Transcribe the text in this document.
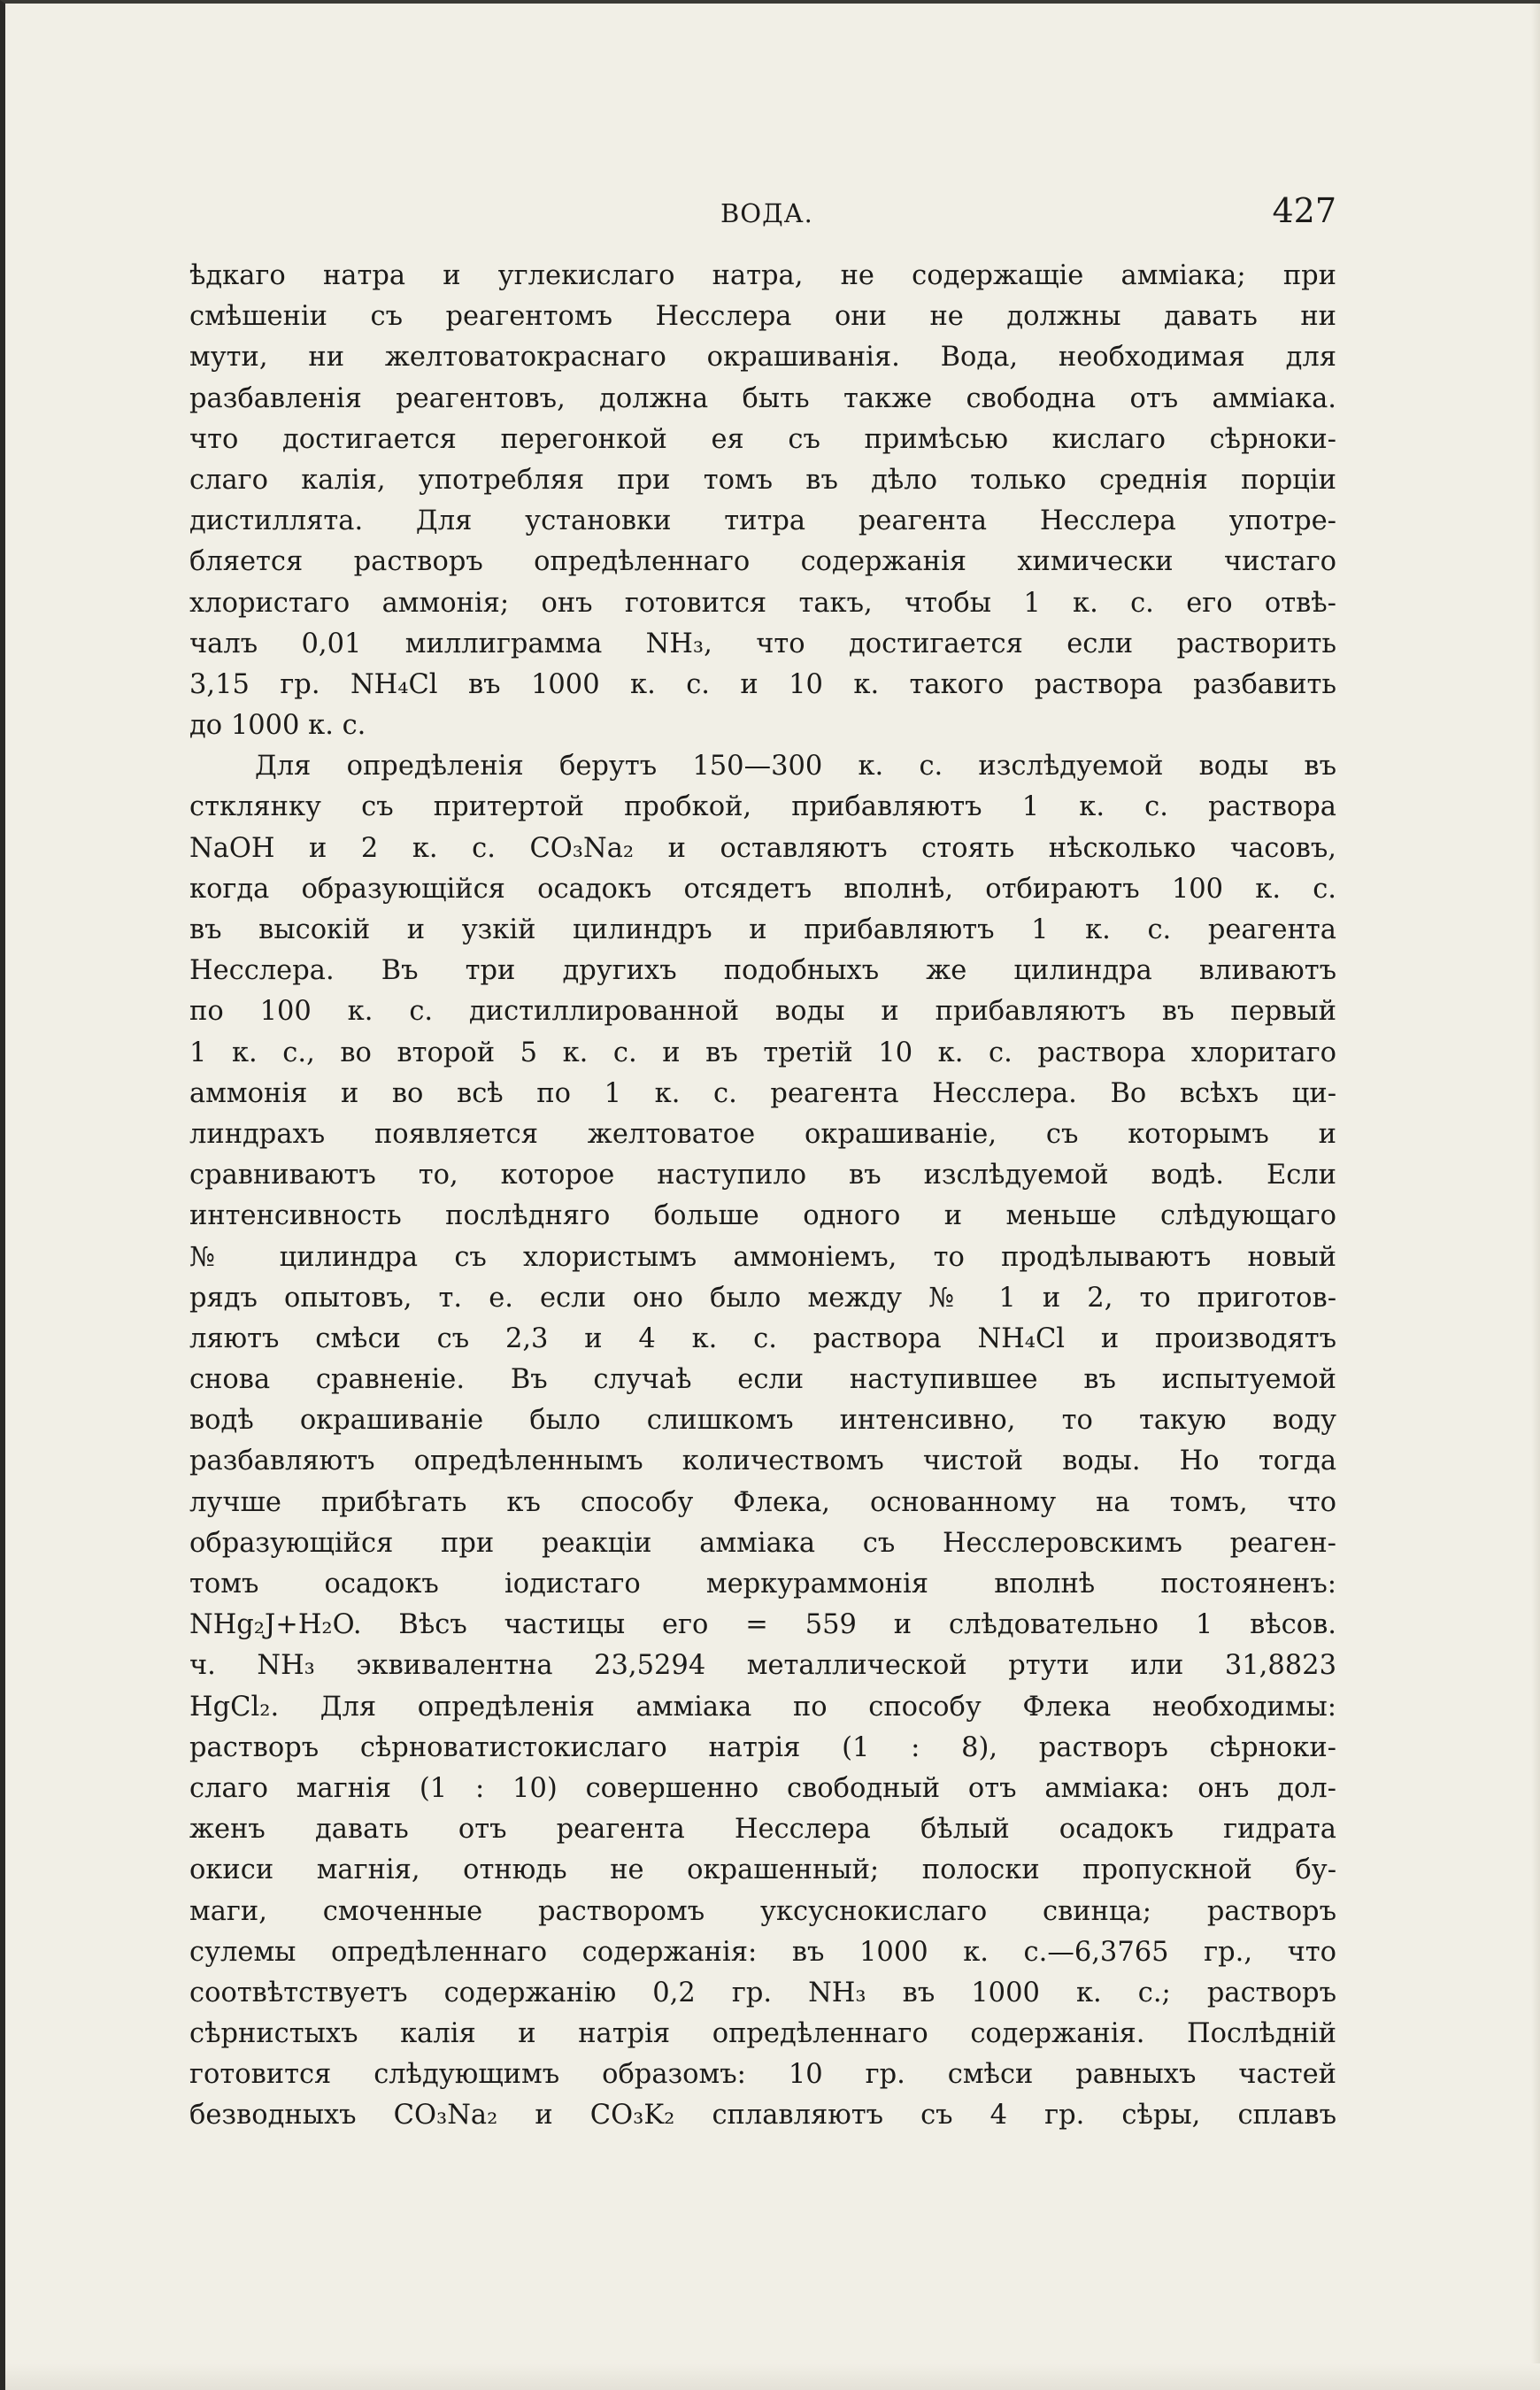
ВОДА.	427
ѣдкаго натра и углекислаго натра, не содержащіе амміака; при
смѣшеніи съ реагентомъ Несслера они не должны давать ни
мути, ни желтоватокраснаго окрашиванія. Вода, необходимая для
разбавленія реагентовъ, должна быть также свободна отъ амміака.
что достигается перегонкой ея съ примѣсью кислаго сѣрноки-
слаго калія, употребляя при томъ въ дѣло только среднія порціи
дистиллята. Для установки титра реагента Несслера употре-
бляется растворъ опредѣленнаго содержанія химически чистаго
хлористаго аммонія; онъ готовится такъ, чтобы 1 к. с. его отвѣ-
чалъ 0,01 миллиграмма NH₃, что достигается если растворить
3,15 гр. NH₄Cl въ 1000 к. с. и 10 к. такого раствора разбавить
до 1000 к. с.
Для опредѣленія берутъ 150—300 к. с. изслѣдуемой воды въ
стклянку съ притертой пробкой, прибавляютъ 1 к. с. раствора
NaOH и 2 к. с. CO₃Na₂ и оставляютъ стоять нѣсколько часовъ,
когда образующійся осадокъ отсядетъ вполнѣ, отбираютъ 100 к. с.
въ высокій и узкій цилиндръ и прибавляютъ 1 к. с. реагента
Несслера. Въ три другихъ подобныхъ же цилиндра вливаютъ
по 100 к. с. дистиллированной воды и прибавляютъ въ первый
1 к. с., во второй 5 к. с. и въ третій 10 к. с. раствора хлоритаго
аммонія и во всѣ по 1 к. с. реагента Несслера. Во всѣхъ ци-
линдрахъ появляется желтоватое окрашиваніе, съ которымъ и
сравниваютъ то, которое наступило въ изслѣдуемой водѣ. Если
интенсивность послѣдняго больше одного и меньше слѣдующаго
№ цилиндра съ хлористымъ аммоніемъ, то продѣлываютъ новый
рядъ опытовъ, т. е. если оно было между № 1 и 2, то приготов-
ляютъ смѣси съ 2,3 и 4 к. с. раствора NH₄Cl и производятъ
снова сравненіе. Въ случаѣ если наступившее въ испытуемой
водѣ окрашиваніе было слишкомъ интенсивно, то такую воду
разбавляютъ опредѣленнымъ количествомъ чистой воды. Но тогда
лучше прибѣгать къ способу Флека, основанному на томъ, что
образующійся при реакціи амміака съ Несслеровскимъ реаген-
томъ осадокъ іодистаго меркураммонія вполнѣ постояненъ:
NHg₂J+H₂O. Вѣсъ частицы его = 559 и слѣдовательно 1 вѣсов.
ч. NH₃ эквивалентна 23,5294 металлической ртути или 31,8823
HgCl₂. Для опредѣленія амміака по способу Флека необходимы:
растворъ сѣрноватистокислаго натрія (1 : 8), растворъ сѣрноки-
слаго магнія (1 : 10) совершенно свободный отъ амміака: онъ дол-
женъ давать отъ реагента Несслера бѣлый осадокъ гидрата
окиси магнія, отнюдь не окрашенный; полоски пропускной бу-
маги, смоченные растворомъ уксуснокислаго свинца; растворъ
сулемы опредѣленнаго содержанія: въ 1000 к. с.—6,3765 гр., что
соотвѣтствуетъ содержанію 0,2 гр. NH₃ въ 1000 к. с.; растворъ
сѣрнистыхъ калія и натрія опредѣленнаго содержанія. Послѣдній
готовится слѣдующимъ образомъ: 10 гр. смѣси равныхъ частей
безводныхъ CO₃Na₂ и CO₃K₂ сплавляютъ съ 4 гр. сѣры, сплавъ
